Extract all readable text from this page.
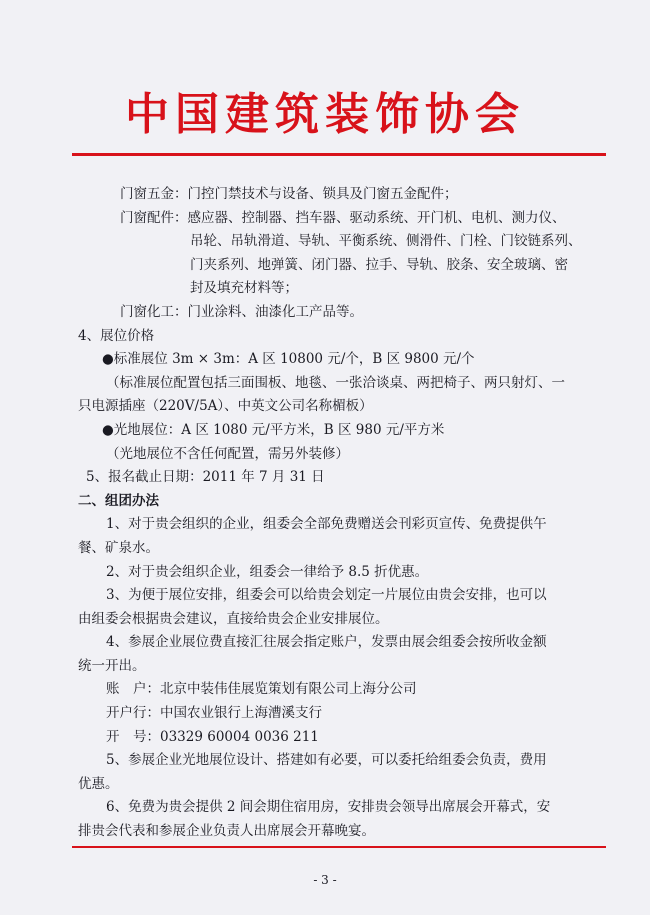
中国建筑装饰协会
门窗五金：门控门禁技术与设备、锁具及门窗五金配件；
门窗配件：感应器、控制器、挡车器、驱动系统、开门机、电机、测力仪、
吊轮、吊轨滑道、导轨、平衡系统、侧滑件、门栓、门铰链系列、
门夹系列、地弹簧、闭门器、拉手、导轨、胶条、安全玻璃、密
封及填充材料等；
门窗化工：门业涂料、油漆化工产品等。
4、展位价格
●标准展位 3m × 3m：A 区 10800 元/个，B 区 9800 元/个
（标准展位配置包括三面围板、地毯、一张洽谈桌、两把椅子、两只射灯、一
只电源插座（220V/5A）、中英文公司名称楣板）
●光地展位：A 区 1080 元/平方米，B 区 980 元/平方米
（光地展位不含任何配置，需另外装修）
5、报名截止日期：2011 年 7 月 31 日
二、组团办法
1、对于贵会组织的企业，组委会全部免费赠送会刊彩页宣传、免费提供午
餐、矿泉水。
2、对于贵会组织企业，组委会一律给予 8.5 折优惠。
3、为便于展位安排，组委会可以给贵会划定一片展位由贵会安排，也可以
由组委会根据贵会建议，直接给贵会企业安排展位。
4、参展企业展位费直接汇往展会指定账户，发票由展会组委会按所收金额
统一开出。
账　户：北京中装伟佳展览策划有限公司上海分公司
开户行：中国农业银行上海漕溪支行
开　号：03329 60004 0036 211
5、参展企业光地展位设计、搭建如有必要，可以委托给组委会负责，费用
优惠。
6、免费为贵会提供 2 间会期住宿用房，安排贵会领导出席展会开幕式，安
排贵会代表和参展企业负责人出席展会开幕晚宴。
- 3 -
